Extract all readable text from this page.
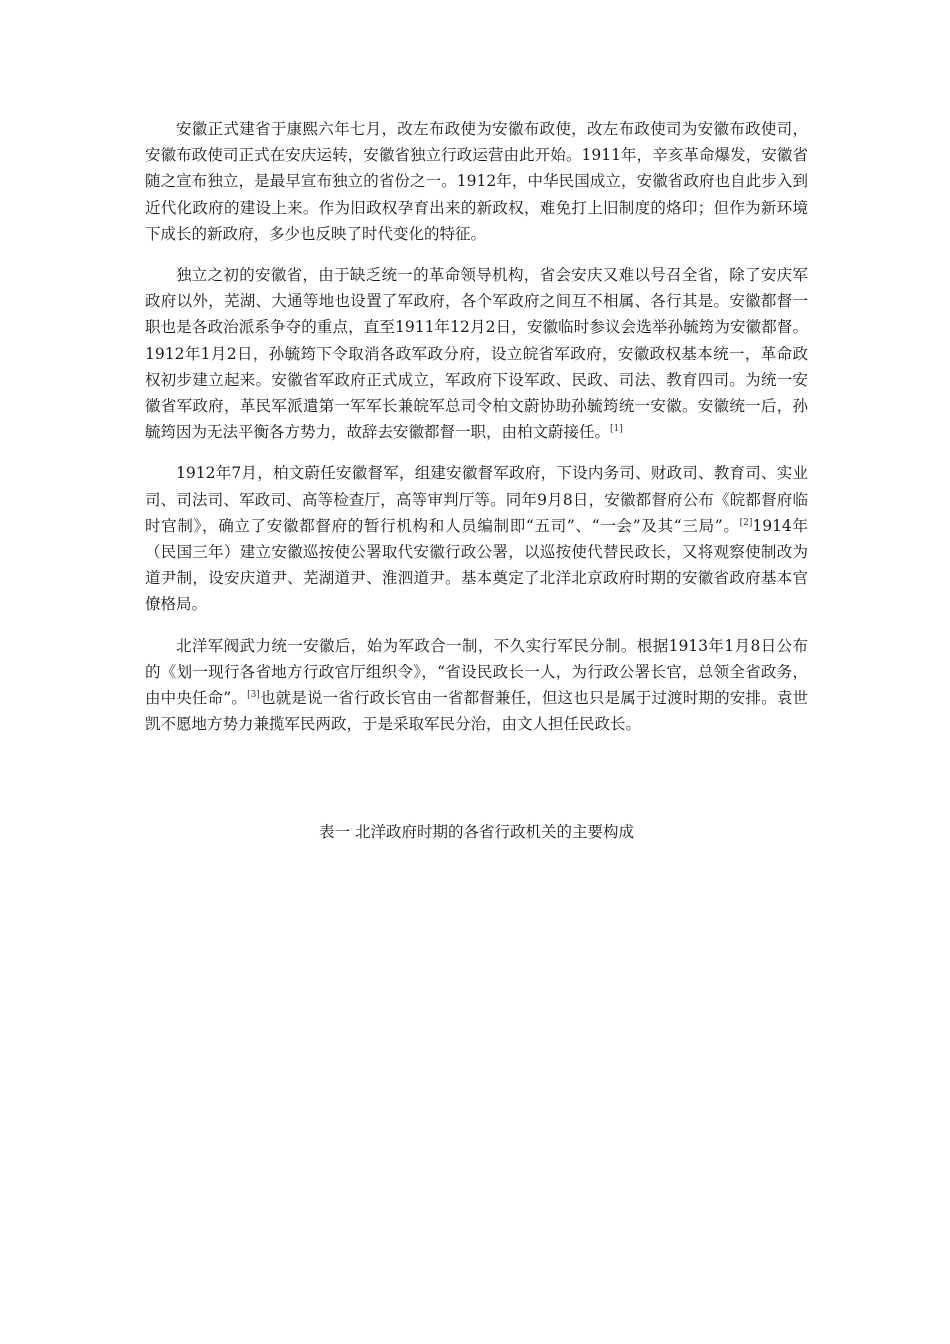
安徽正式建省于康熙六年七月，改左布政使为安徽布政使，改左布政使司为安徽布政使司，安徽布政使司正式在安庆运转，安徽省独立行政运营由此开始。1911年，辛亥革命爆发，安徽省随之宣布独立，是最早宣布独立的省份之一。1912年，中华民国成立，安徽省政府也自此步入到近代化政府的建设上来。作为旧政权孕育出来的新政权，难免打上旧制度的烙印；但作为新环境下成长的新政府，多少也反映了时代变化的特征。

独立之初的安徽省，由于缺乏统一的革命领导机构，省会安庆又难以号召全省，除了安庆军政府以外，芜湖、大通等地也设置了军政府，各个军政府之间互不相属、各行其是。安徽都督一职也是各政治派系争夺的重点，直至1911年12月2日，安徽临时参议会选举孙毓筠为安徽都督。1912年1月2日，孙毓筠下令取消各政军政分府，设立皖省军政府，安徽政权基本统一，革命政权初步建立起来。安徽省军政府正式成立，军政府下设军政、民政、司法、教育四司。为统一安徽省军政府，革民军派遣第一军军长兼皖军总司令柏文蔚协助孙毓筠统一安徽。安徽统一后，孙毓筠因为无法平衡各方势力，故辞去安徽都督一职，由柏文蔚接任。[1]

1912年7月，柏文蔚任安徽督军，组建安徽督军政府，下设内务司、财政司、教育司、实业司、司法司、军政司、高等检查厅，高等审判厅等。同年9月8日，安徽都督府公布《皖都督府临时官制》，确立了安徽都督府的暂行机构和人员编制即“五司”、“一会”及其“三局”。[2]1914年（民国三年）建立安徽巡按使公署取代安徽行政公署，以巡按使代替民政长，又将观察使制改为道尹制，设安庆道尹、芜湖道尹、淮泗道尹。基本奠定了北洋北京政府时期的安徽省政府基本官僚格局。

北洋军阀武力统一安徽后，始为军政合一制，不久实行军民分制。根据1913年1月8日公布的《划一现行各省地方行政官厅组织令》，“省设民政长一人，为行政公署长官，总领全省政务，由中央任命”。[3]也就是说一省行政长官由一省都督兼任，但这也只是属于过渡时期的安排。袁世凯不愿地方势力兼揽军民两政，于是采取军民分治，由文人担任民政长。

表一 北洋政府时期的各省行政机关的主要构成
